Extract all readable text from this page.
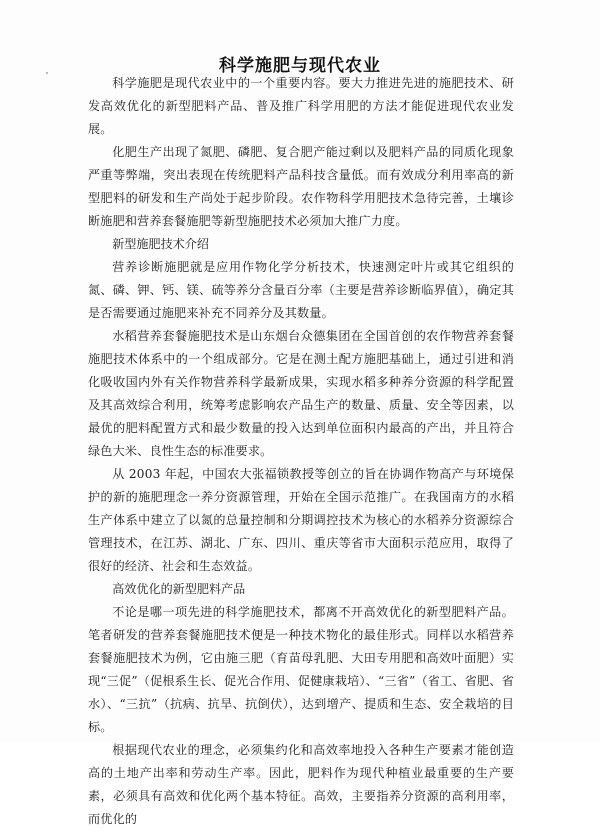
科学施肥与现代农业

科学施肥是现代农业中的一个重要内容。要大力推进先进的施肥技术、研发高效优化的新型肥料产品、普及推广科学用肥的方法才能促进现代农业发展。

化肥生产出现了氮肥、磷肥、复合肥产能过剩以及肥料产品的同质化现象严重等弊端，突出表现在传统肥料产品科技含量低。而有效成分利用率高的新型肥料的研发和生产尚处于起步阶段。农作物科学用肥技术急待完善，土壤诊断施肥和营养套餐施肥等新型施肥技术必须加大推广力度。

新型施肥技术介绍

营养诊断施肥就是应用作物化学分析技术，快速测定叶片或其它组织的氮、磷、钾、钙、镁、硫等养分含量百分率（主要是营养诊断临界值），确定其是否需要通过施肥来补充不同养分及其数量。

水稻营养套餐施肥技术是山东烟台众德集团在全国首创的农作物营养套餐施肥技术体系中的一个组成部分。它是在测土配方施肥基础上，通过引进和消化吸收国内外有关作物营养科学最新成果，实现水稻多种养分资源的科学配置及其高效综合利用，统筹考虑影响农产品生产的数量、质量、安全等因素，以最优的肥料配置方式和最少数量的投入达到单位面积内最高的产出，并且符合绿色大米、良性生态的标准要求。

从 2003 年起，中国农大张福锁教授等创立的旨在协调作物高产与环境保护的新的施肥理念一养分资源管理，开始在全国示范推广。在我国南方的水稻生产体系中建立了以氮的总量控制和分期调控技术为核心的水稻养分资源综合管理技术，在江苏、湖北、广东、四川、重庆等省市大面积示范应用，取得了很好的经济、社会和生态效益。

高效优化的新型肥料产品

不论是哪一项先进的科学施肥技术，都离不开高效优化的新型肥料产品。笔者研发的营养套餐施肥技术便是一种技术物化的最佳形式。同样以水稻营养套餐施肥技术为例，它由施三肥（育苗母乳肥、大田专用肥和高效叶面肥）实现“三促”（促根系生长、促光合作用、促健康栽培）、“三省”（省工、省肥、省水）、“三抗”（抗病、抗旱、抗倒伏），达到增产、提质和生态、安全栽培的目标。

根据现代农业的理念，必须集约化和高效率地投入各种生产要素才能创造高的土地产出率和劳动生产率。因此，肥料作为现代种植业最重要的生产要素，必须具有高效和优化两个基本特征。高效，主要指养分资源的高利用率，而优化的
